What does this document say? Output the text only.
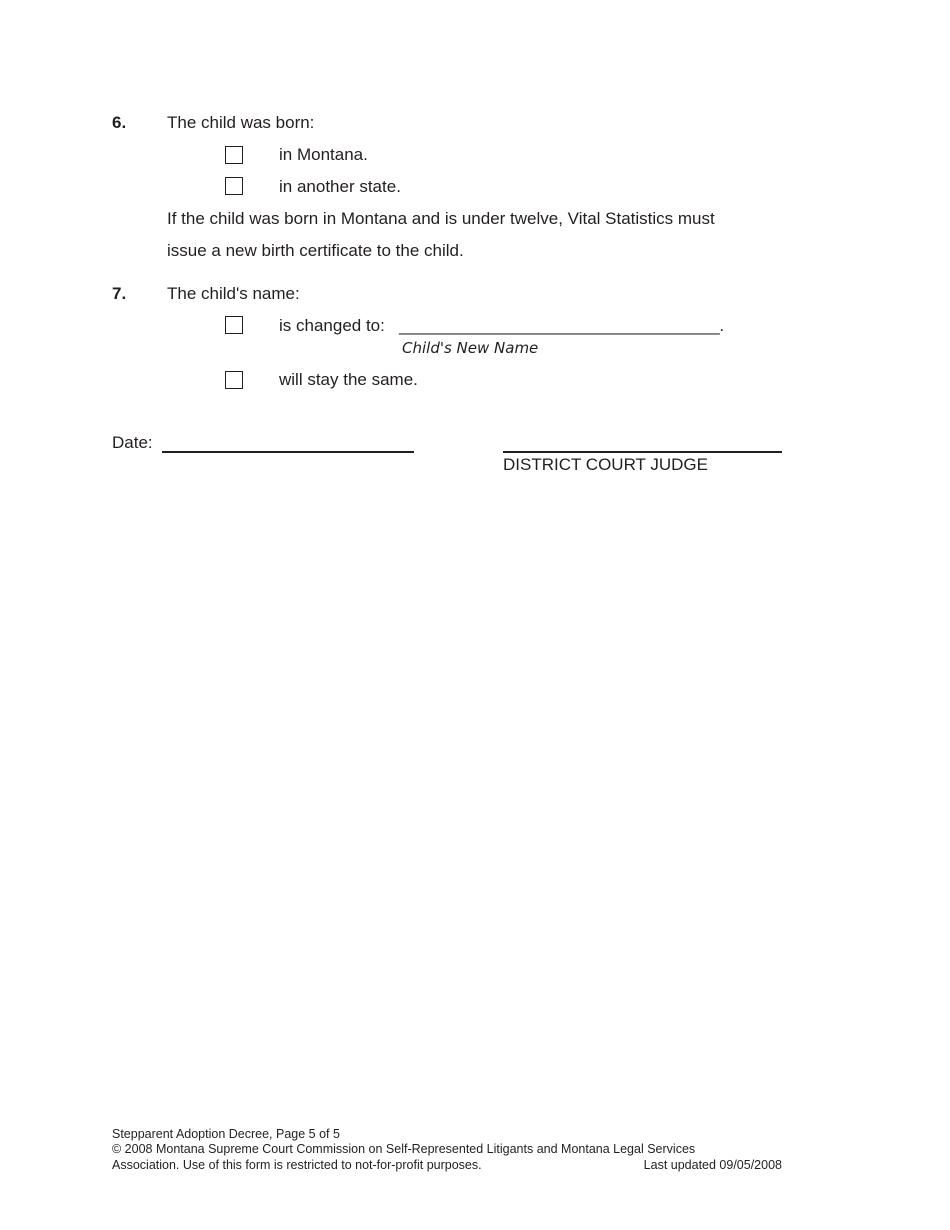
6. The child was born:
in Montana.
in another state.
If the child was born in Montana and is under twelve, Vital Statistics must
issue a new birth certificate to the child.
7. The child's name:
is changed to: ___________________________________.
Child's New Name
will stay the same.
Date:
DISTRICT COURT JUDGE
Stepparent Adoption Decree, Page 5 of 5
© 2008 Montana Supreme Court Commission on Self-Represented Litigants and Montana Legal Services
Association. Use of this form is restricted to not-for-profit purposes.	Last updated 09/05/2008
